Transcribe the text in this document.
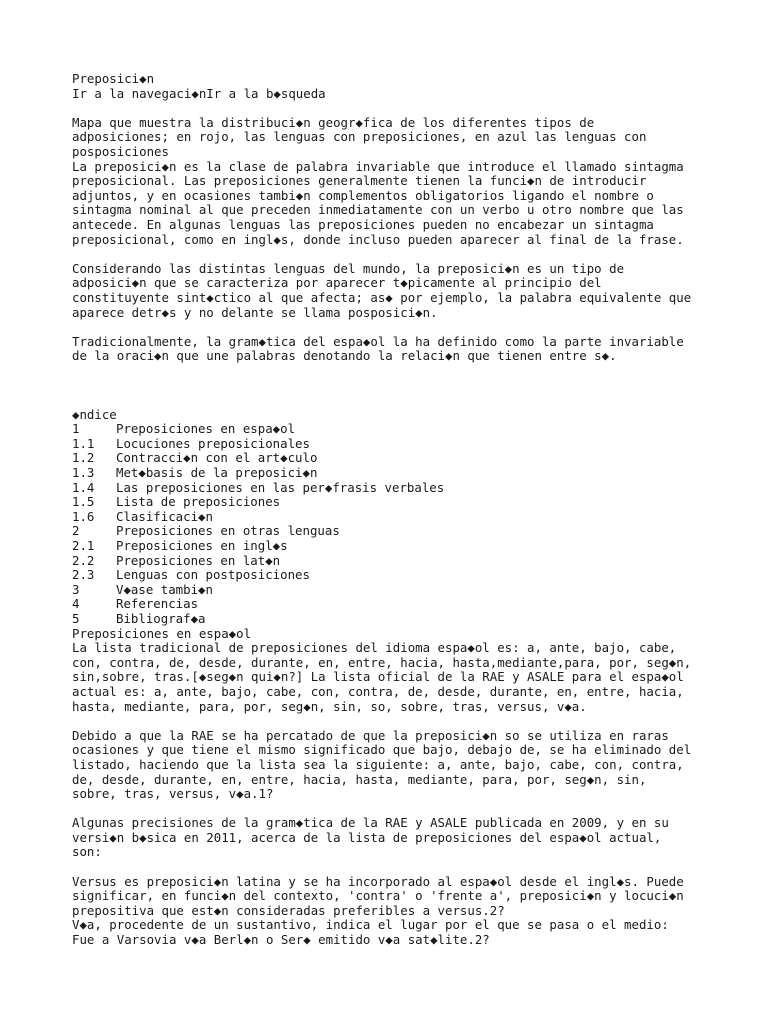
Preposici◆n
Ir a la navegaci◆nIr a la b◆squeda
Mapa que muestra la distribuci◆n geogr◆fica de los diferentes tipos de
adposiciones; en rojo, las lenguas con preposiciones, en azul las lenguas con
posposiciones
La preposici◆n es la clase de palabra invariable que introduce el llamado sintagma
preposicional. Las preposiciones generalmente tienen la funci◆n de introducir
adjuntos, y en ocasiones tambi◆n complementos obligatorios ligando el nombre o
sintagma nominal al que preceden inmediatamente con un verbo u otro nombre que las
antecede. En algunas lenguas las preposiciones pueden no encabezar un sintagma
preposicional, como en ingl◆s, donde incluso pueden aparecer al final de la frase.
Considerando las distintas lenguas del mundo, la preposici◆n es un tipo de
adposici◆n que se caracteriza por aparecer t◆picamente al principio del
constituyente sint◆ctico al que afecta; as◆ por ejemplo, la palabra equivalente que
aparece detr◆s y no delante se llama posposici◆n.
Tradicionalmente, la gram◆tica del espa◆ol la ha definido como la parte invariable
de la oraci◆n que une palabras denotando la relaci◆n que tienen entre s◆.
◆ndice
1	Preposiciones en espa◆ol
1.1 Locuciones preposicionales
1.2 Contracci◆n con el art◆culo
1.3 Met◆basis de la preposici◆n
1.4 Las preposiciones en las per◆frasis verbales
1.5 Lista de preposiciones
1.6 Clasificaci◆n
2	Preposiciones en otras lenguas
2.1 Preposiciones en ingl◆s
2.2 Preposiciones en lat◆n
2.3 Lenguas con postposiciones
3	V◆ase tambi◆n
4	Referencias
5	Bibliograf◆a
Preposiciones en espa◆ol
La lista tradicional de preposiciones del idioma espa◆ol es: a, ante, bajo, cabe,
con, contra, de, desde, durante, en, entre, hacia, hasta,mediante,para, por, seg◆n,
sin,sobre, tras.[◆seg◆n qui◆n?] La lista oficial de la RAE y ASALE para el espa◆ol
actual es: a, ante, bajo, cabe, con, contra, de, desde, durante, en, entre, hacia,
hasta, mediante, para, por, seg◆n, sin, so, sobre, tras, versus, v◆a.
Debido a que la RAE se ha percatado de que la preposici◆n so se utiliza en raras
ocasiones y que tiene el mismo significado que bajo, debajo de, se ha eliminado del
listado, haciendo que la lista sea la siguiente: a, ante, bajo, cabe, con, contra,
de, desde, durante, en, entre, hacia, hasta, mediante, para, por, seg◆n, sin,
sobre, tras, versus, v◆a.1?
Algunas precisiones de la gram◆tica de la RAE y ASALE publicada en 2009, y en su
versi◆n b◆sica en 2011, acerca de la lista de preposiciones del espa◆ol actual,
son:
Versus es preposici◆n latina y se ha incorporado al espa◆ol desde el ingl◆s. Puede
significar, en funci◆n del contexto, 'contra' o 'frente a', preposici◆n y locuci◆n
prepositiva que est◆n consideradas preferibles a versus.2?
V◆a, procedente de un sustantivo, indica el lugar por el que se pasa o el medio:
Fue a Varsovia v◆a Berl◆n o Ser◆ emitido v◆a sat◆lite.2?
